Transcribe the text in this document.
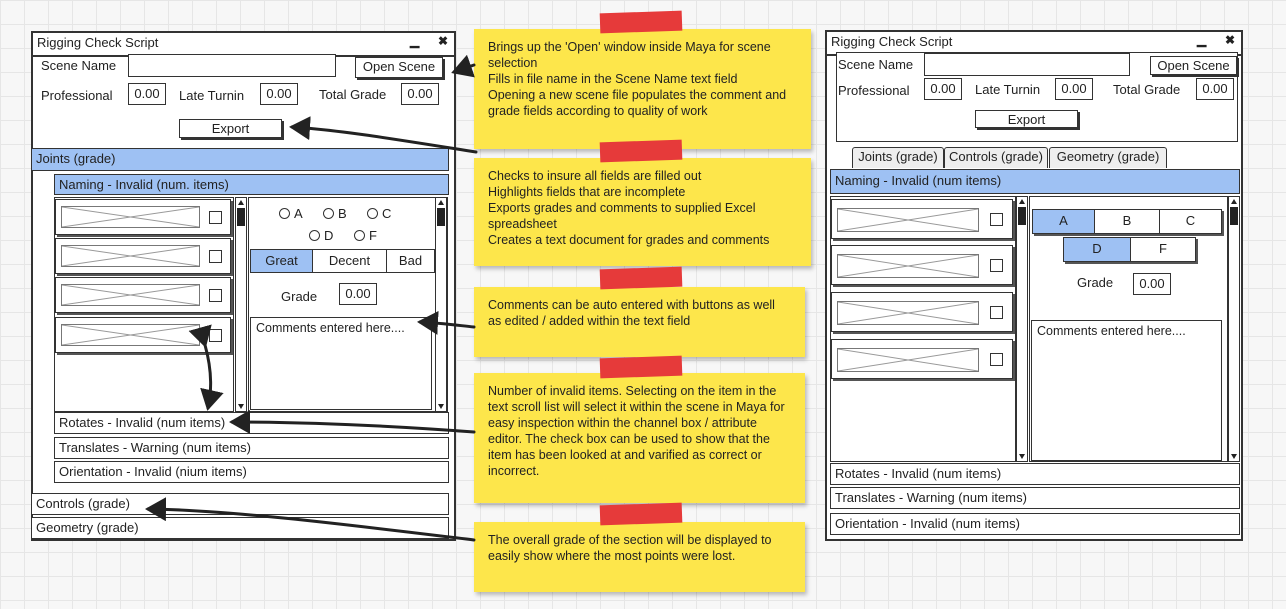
Rigging Check Script	▁ ✖
Scene Name	Open Scene
Professional	0.00	Late Turnin	0.00	Total Grade	0.00
Export
Joints (grade)
Naming - Invalid (num. items)
A	B	C
D	F
Great	Decent	Bad
Grade	0.00
Comments entered here....
Rotates - Invalid (num items)
Translates - Warning (num items)
Orientation - Invalid (nium items)
Controls (grade)
Geometry (grade)
Brings up the 'Open' window inside Maya for scene selection
Fills in file name in the Scene Name text field
Opening a new scene file populates the comment and grade fields according to quality of work
Checks to insure all fields are filled out
Highlights fields that are incomplete
Exports grades and comments to supplied Excel spreadsheet
Creates a text document for grades and comments
Comments can be auto entered with buttons as well as edited / added within the text field
Number of invalid items. Selecting on the item in the text scroll list will select it within the scene in Maya for easy inspection within the channel box / attribute editor. The check box can be used to show that the item has been looked at and varified as correct or incorrect.
The overall grade of the section will be displayed to easily show where the most points were lost.
Rigging Check Script	▁ ✖
Scene Name	Open Scene
Professional	0.00	Late Turnin	0.00	Total Grade	0.00
Export
Joints (grade) Controls (grade)	Geometry (grade)
Naming - Invalid (num items)
A	B	C
D	F
Grade	0.00
Comments entered here....
Rotates - Invalid (num items)
Translates - Warning (num items)
Orientation - Invalid (num items)
